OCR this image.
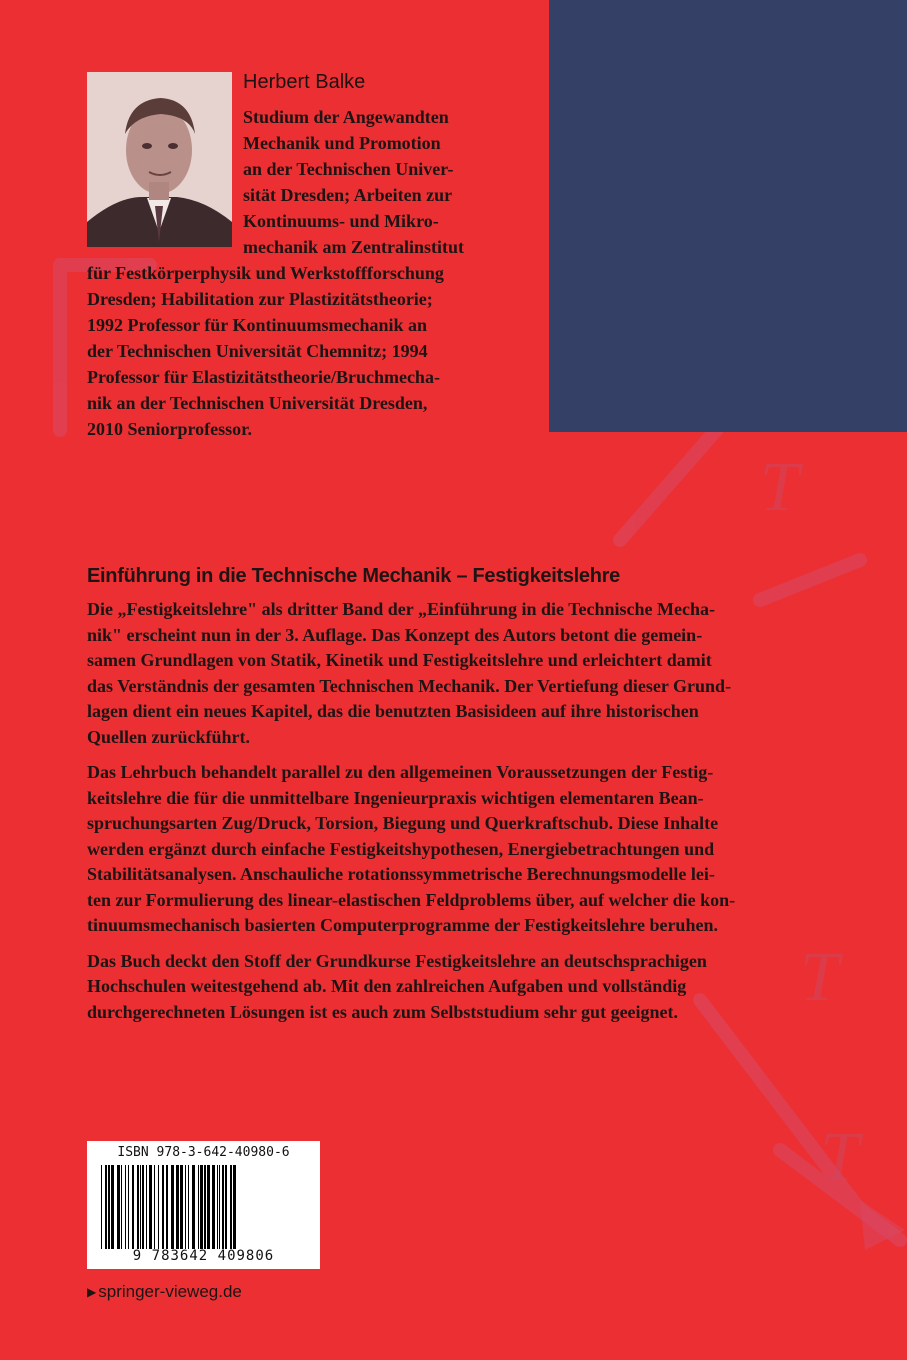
T
T
T
Herbert Balke
Studium der Angewandten
Mechanik und Promotion
an der Technischen Univer-
sität Dresden; Arbeiten zur
Kontinuums- und Mikro-
mechanik am Zentralinstitut
für Festkörperphysik und Werkstoffforschung
Dresden; Habilitation zur Plastizitätstheorie;
1992 Professor für Kontinuumsmechanik an
der Technischen Universität Chemnitz; 1994
Professor für Elastizitätstheorie/Bruchmecha-
nik an der Technischen Universität Dresden,
2010 Seniorprofessor.
Einführung in die Technische Mechanik – Festigkeitslehre

Die „Festigkeitslehre" als dritter Band der „Einführung in die Technische Mecha-
nik" erscheint nun in der 3. Auflage. Das Konzept des Autors betont die gemein-
samen Grundlagen von Statik, Kinetik und Festigkeitslehre und erleichtert damit
das Verständnis der gesamten Technischen Mechanik. Der Vertiefung dieser Grund-
lagen dient ein neues Kapitel, das die benutzten Basisideen auf ihre historischen
Quellen zurückführt.

Das Lehrbuch behandelt parallel zu den allgemeinen Voraussetzungen der Festig-
keitslehre die für die unmittelbare Ingenieurpraxis wichtigen elementaren Bean-
spruchungsarten Zug/Druck, Torsion, Biegung und Querkraftschub. Diese Inhalte
werden ergänzt durch einfache Festigkeitshypothesen, Energiebetrachtungen und
Stabilitätsanalysen. Anschauliche rotationssymmetrische Berechnungsmodelle lei-
ten zur Formulierung des linear-elastischen Feldproblems über, auf welcher die kon-
tinuumsmechanisch basierten Computerprogramme der Festigkeitslehre beruhen.

Das Buch deckt den Stoff der Grundkurse Festigkeitslehre an deutschsprachigen
Hochschulen weitestgehend ab. Mit den zahlreichen Aufgaben und vollständig
durchgerechneten Lösungen ist es auch zum Selbststudium sehr gut geeignet.

ISBN 978-3-642-40980-6
9 783642 409806
▶ springer-vieweg.de
